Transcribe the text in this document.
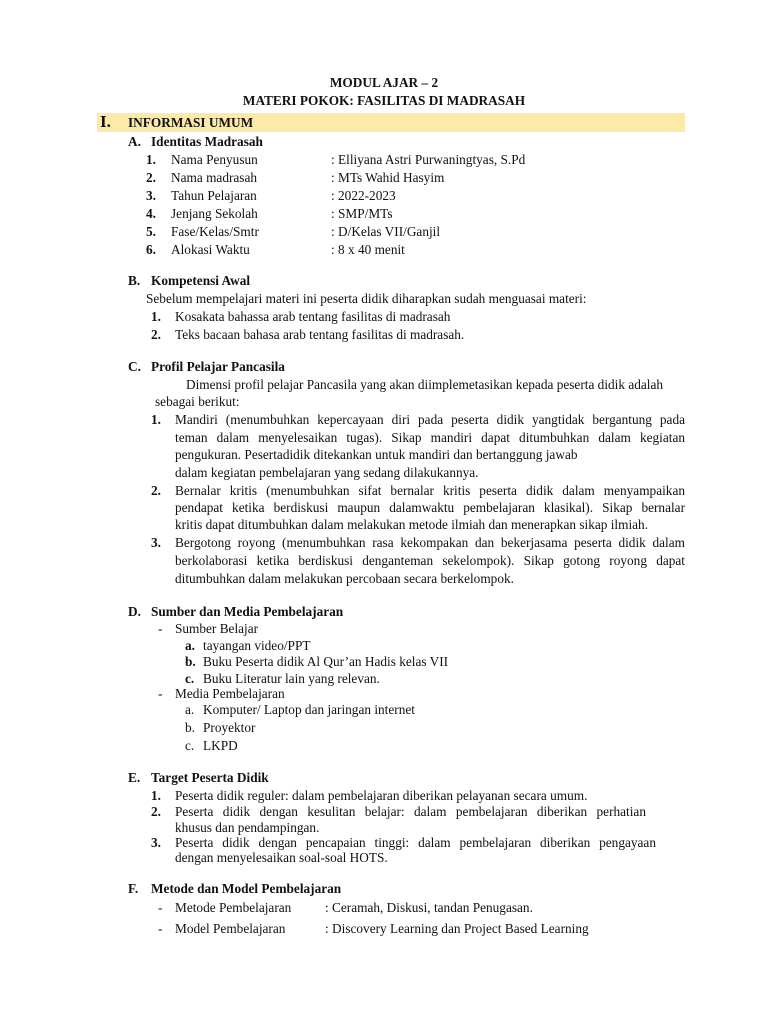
MODUL AJAR – 2
MATERI POKOK: FASILITAS DI MADRASAH
I. INFORMASI UMUM
A. Identitas Madrasah
1. Nama Penyusun	: Elliyana Astri Purwaningtyas, S.Pd
2. Nama madrasah	: MTs Wahid Hasyim
3. Tahun Pelajaran	: 2022-2023
4. Jenjang Sekolah	: SMP/MTs
5. Fase/Kelas/Smtr	: D/Kelas VII/Ganjil
6. Alokasi Waktu	: 8 x 40 menit
B. Kompetensi Awal
Sebelum mempelajari materi ini peserta didik diharapkan sudah menguasai materi:
1. Kosakata bahassa arab tentang fasilitas di madrasah
2. Teks bacaan bahasa arab tentang fasilitas di madrasah.
C. Profil Pelajar Pancasila
Dimensi profil pelajar Pancasila yang akan diimplemetasikan kepada peserta didik adalah
sebagai berikut:
1. Mandiri (menumbuhkan kepercayaan diri pada peserta didik yangtidak bergantung pada
teman dalam menyelesaikan tugas). Sikap mandiri dapat ditumbuhkan dalam kegiatan
pengukuran. Pesertadidik ditekankan untuk mandiri dan bertanggung jawab
dalam kegiatan pembelajaran yang sedang dilakukannya.
2. Bernalar kritis (menumbuhkan sifat bernalar kritis peserta didik dalam menyampaikan
pendapat ketika berdiskusi maupun dalamwaktu pembelajaran klasikal). Sikap bernalar
kritis dapat ditumbuhkan dalam melakukan metode ilmiah dan menerapkan sikap ilmiah.
3. Bergotong royong (menumbuhkan rasa kekompakan dan bekerjasama peserta didik dalam
berkolaborasi ketika berdiskusi denganteman sekelompok). Sikap gotong royong dapat
ditumbuhkan dalam melakukan percobaan secara berkelompok.
D. Sumber dan Media Pembelajaran
- Sumber Belajar
a. tayangan video/PPT
b. Buku Peserta didik Al Qur’an Hadis kelas VII
c. Buku Literatur lain yang relevan.
- Media Pembelajaran
a. Komputer/ Laptop dan jaringan internet
b. Proyektor
c. LKPD
E. Target Peserta Didik
1. Peserta didik reguler: dalam pembelajaran diberikan pelayanan secara umum.
2. Peserta didik dengan kesulitan belajar: dalam pembelajaran diberikan perhatian
khusus dan pendampingan.
3. Peserta didik dengan pencapaian tinggi: dalam pembelajaran diberikan pengayaan
dengan menyelesaikan soal-soal HOTS.
F. Metode dan Model Pembelajaran
- Metode Pembelajaran	: Ceramah, Diskusi, tandan Penugasan.
- Model Pembelajaran	: Discovery Learning dan Project Based Learning
